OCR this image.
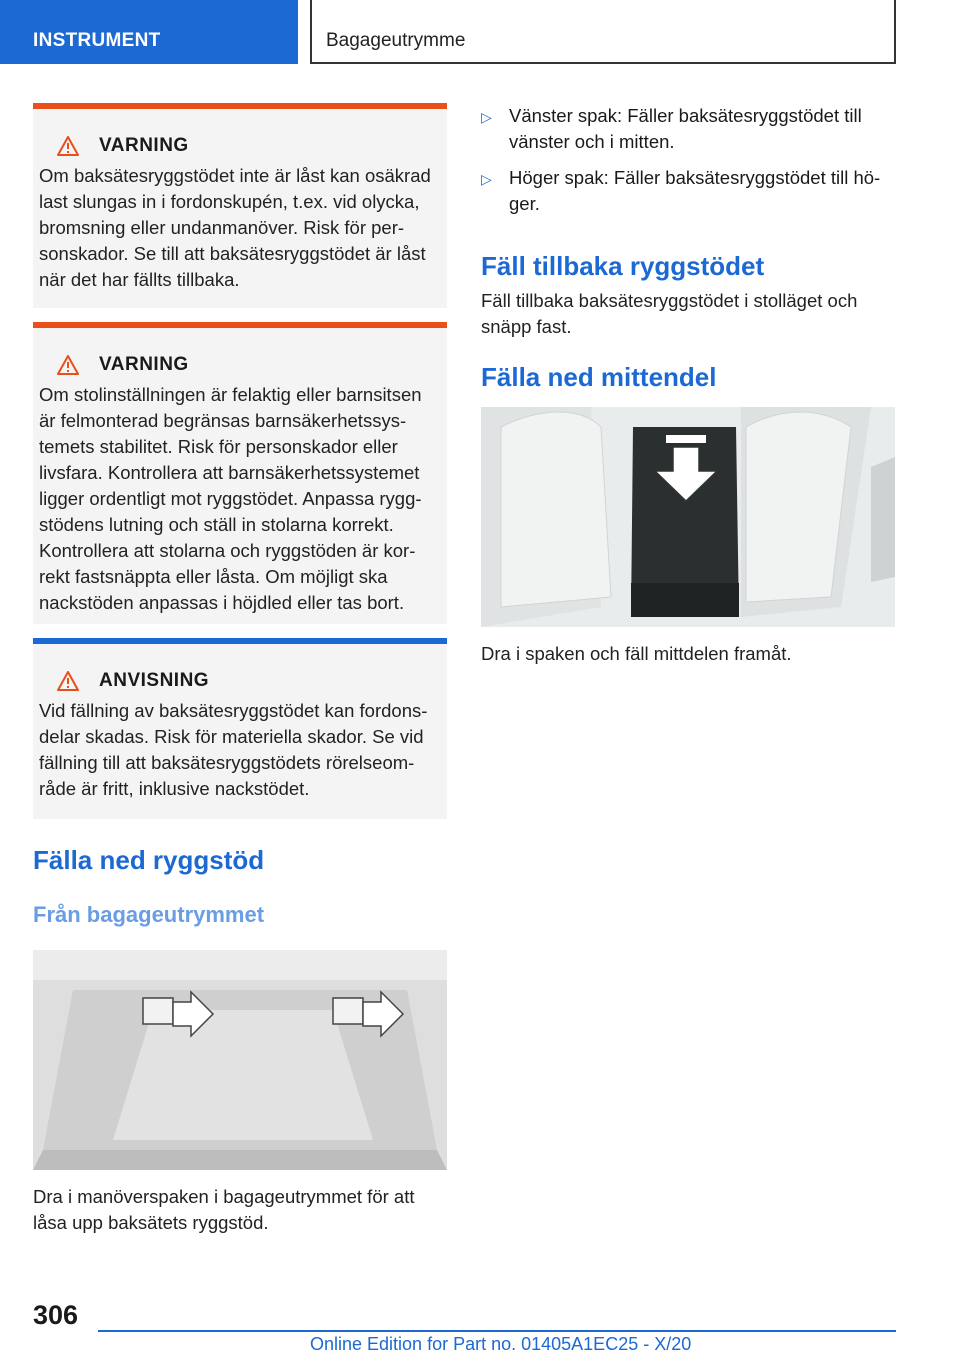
INSTRUMENT	Bagageutrymme
VARNING
Om baksätesryggstödet inte är låst kan osäkrad last slungas in i fordonskupén, t.ex. vid olycka, bromsning eller undanmanöver. Risk för personskador. Se till att baksätesryggstödet är låst när det har fällts tillbaka.
VARNING
Om stolinställningen är felaktig eller barnsitsen är felmonterad begränsas barnsäkerhetssystemets stabilitet. Risk för personskador eller livsfara. Kontrollera att barnsäkerhetssystemet ligger ordentligt mot ryggstödet. Anpassa ryggstödens lutning och ställ in stolarna korrekt. Kontrollera att stolarna och ryggstöden är korrekt fastsnäppta eller låsta. Om möjligt ska nackstöden anpassas i höjdled eller tas bort.
ANVISNING
Vid fällning av baksätesryggstödet kan fordonsdelar skadas. Risk för materiella skador. Se vid fällning till att baksätesryggstödets rörelseområde är fritt, inklusive nackstödet.
Fälla ned ryggstöd
Från bagageutrymmet

Dra i manöverspaken i bagageutrymmet för att låsa upp baksätets ryggstöd.

▷ Vänster spak: Fäller baksätesryggstödet till vänster och i mitten.
▷ Höger spak: Fäller baksätesryggstödet till höger.
Fäll tillbaka ryggstödet

Fäll tillbaka baksätesryggstödet i stolläget och snäpp fast.

Fälla ned mittendel

Dra i spaken och fäll mittdelen framåt.

306
Online Edition for Part no. 01405A1EC25 - X/20
